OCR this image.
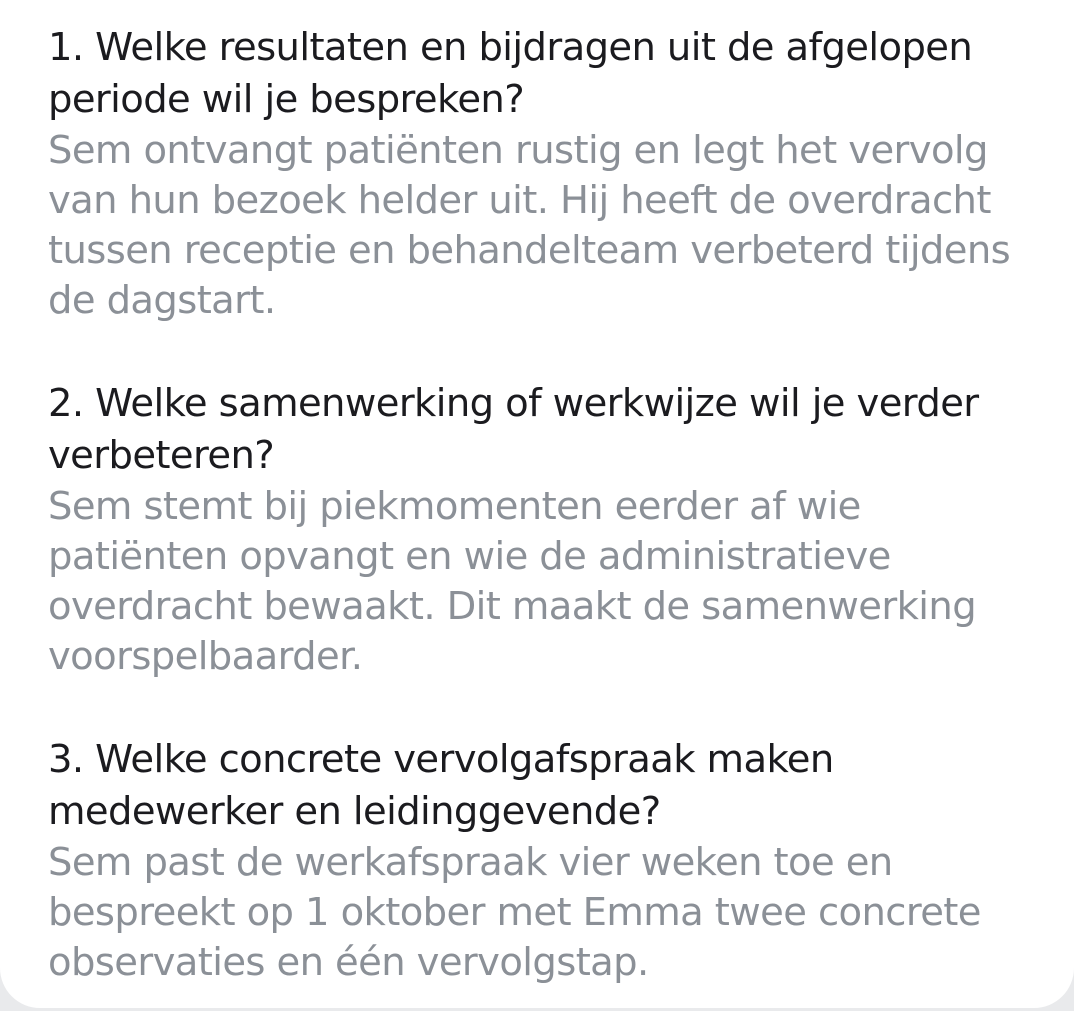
1. Welke resultaten en bijdragen uit de afgelopen periode wil je bespreken?

Sem ontvangt patiënten rustig en legt het vervolg van hun bezoek helder uit. Hij heeft de overdracht tussen receptie en behandelteam verbeterd tijdens de dagstart.

2. Welke samenwerking of werkwijze wil je verder verbeteren?

Sem stemt bij piekmomenten eerder af wie patiënten opvangt en wie de administratieve overdracht bewaakt. Dit maakt de samenwerking voorspelbaarder.

3. Welke concrete vervolgafspraak maken medewerker en leidinggevende?

Sem past de werkafspraak vier weken toe en bespreekt op 1 oktober met Emma twee concrete observaties en één vervolgstap.
